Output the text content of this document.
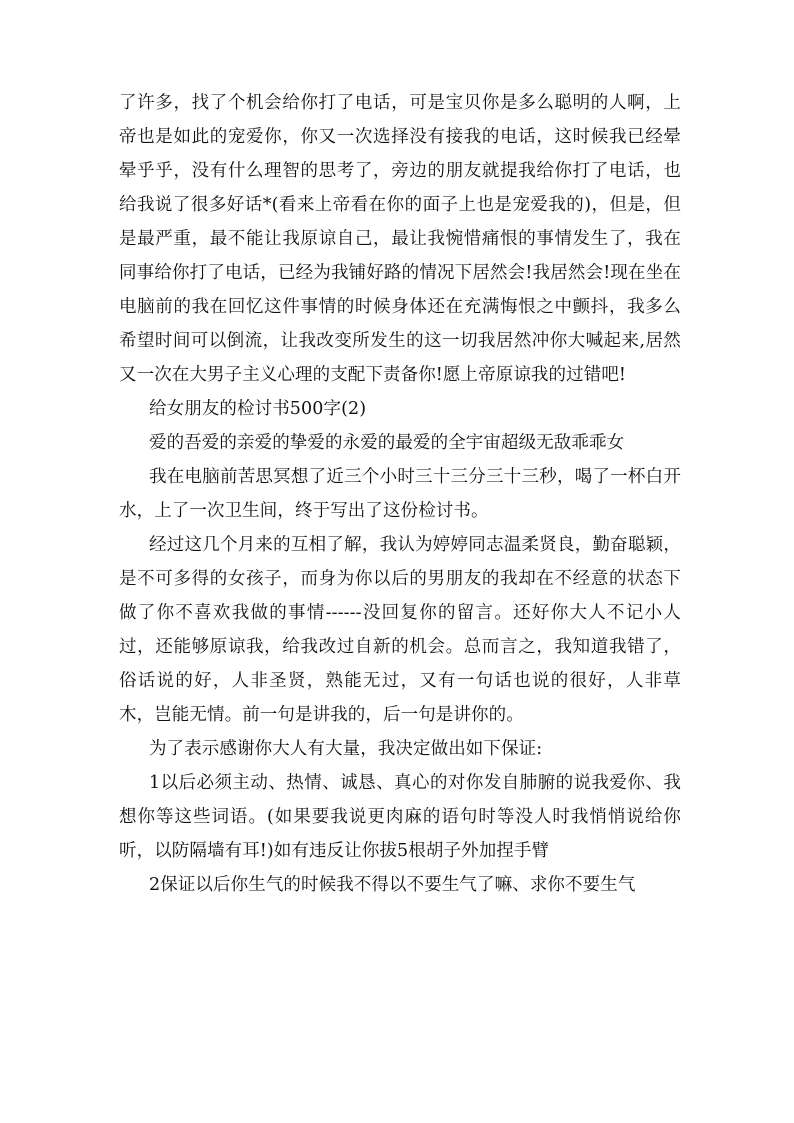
了许多，找了个机会给你打了电话，可是宝贝你是多么聪明的人啊，上帝也是如此的宠爱你，你又一次选择没有接我的电话，这时候我已经晕晕乎乎，没有什么理智的思考了，旁边的朋友就提我给你打了电话，也给我说了很多好话*(看来上帝看在你的面子上也是宠爱我的)，但是，但是最严重，最不能让我原谅自己，最让我惋惜痛恨的事情发生了，我在同事给你打了电话，已经为我铺好路的情况下居然会!我居然会!现在坐在电脑前的我在回忆这件事情的时候身体还在充满悔恨之中颤抖，我多么希望时间可以倒流，让我改变所发生的这一切我居然冲你大喊起来,居然又一次在大男子主义心理的支配下责备你!愿上帝原谅我的过错吧!

给女朋友的检讨书500字(2)

爱的吾爱的亲爱的挚爱的永爱的最爱的全宇宙超级无敌乖乖女

我在电脑前苦思冥想了近三个小时三十三分三十三秒，喝了一杯白开水，上了一次卫生间，终于写出了这份检讨书。

经过这几个月来的互相了解，我认为婷婷同志温柔贤良，勤奋聪颖，是不可多得的女孩子，而身为你以后的男朋友的我却在不经意的状态下做了你不喜欢我做的事情------没回复你的留言。还好你大人不记小人过，还能够原谅我，给我改过自新的机会。总而言之，我知道我错了，俗话说的好，人非圣贤，熟能无过，又有一句话也说的很好，人非草木，岂能无情。前一句是讲我的，后一句是讲你的。

为了表示感谢你大人有大量，我决定做出如下保证:

1以后必须主动、热情、诚恳、真心的对你发自肺腑的说我爱你、我想你等这些词语。(如果要我说更肉麻的语句时等没人时我悄悄说给你听，以防隔墙有耳!)如有违反让你拔5根胡子外加捏手臂

2保证以后你生气的时候我不得以不要生气了嘛、求你不要生气
